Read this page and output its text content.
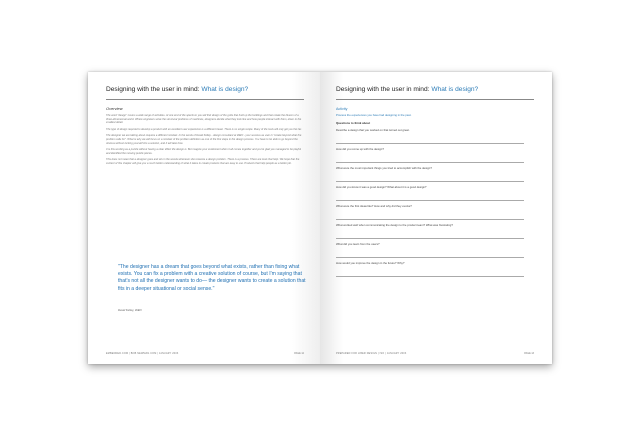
Designing with the user in mind: What is design?
Overview

The word "design" covers a wide range of activities. At one end of the spectrum you will find design of the grids that hold up the buildings and that create the illusion of a three-dimensional world. Where engineers solve the structural problems of machines, designers decide what they look like and how people interact with them, down to the smallest detail.

The type of design required to develop a product with an excellent user experience is a different beast. There is no single recipe. Many of the tools will only get you this far.

The designer we are talking about requires a different mindset. In the words of David Kelley - design consultant at IDEO - your success as user in "create beyond what the problem calls for". What is why we will focus on a mindset of the problem definition as one of the first steps in the design process. You have to be able to go beyond the obvious without locking yourself into a solution, and it will take time.

It is this working as a puzzle without having a clear effect the design is. But imagine your excitement when it all comes together and you're glad you managed to be playful and identified the missing puzzle pieces.

This does not mean that a designer goes and sits in the woods whenever she receives a design problem. There is a process. There are tools that help. We hope that the content of this chapter will give you a much better understanding of what it takes to create products that are easy to use. Products that help people as a better job.

"The designer has a dream that goes beyond what exists, rather than fixing what exists. You can fix a problem with a creative solution of course, but I'm saying that that's not all the designer wants to do— the designer wants to create a solution that fits in a deeper situational or social sense."
David Kelley, IDEO
EMBEDDED.COM | BOB NEWMAN.COM | JANUARY 2003	PAGE 12
Designing with the user in mind: What is design?
Activity
Process the experiences you have had designing in the past.
Questions to think about
Describe a design that you worked on that turned out great.
How did you come up with the design?
What were the most important things you tried to accomplish with the design?
How did you know it was a good design? What about it is a good design?
What were the first ideas like? How and why did they evolve?
What worked well when communicating the design to the product team? What was frustrating?
What did you learn from the users?
How would you improve the design in the future? Why?
PREPARED FOR LIBER DESIGN | ISO | JANUARY 2003	PAGE 13
